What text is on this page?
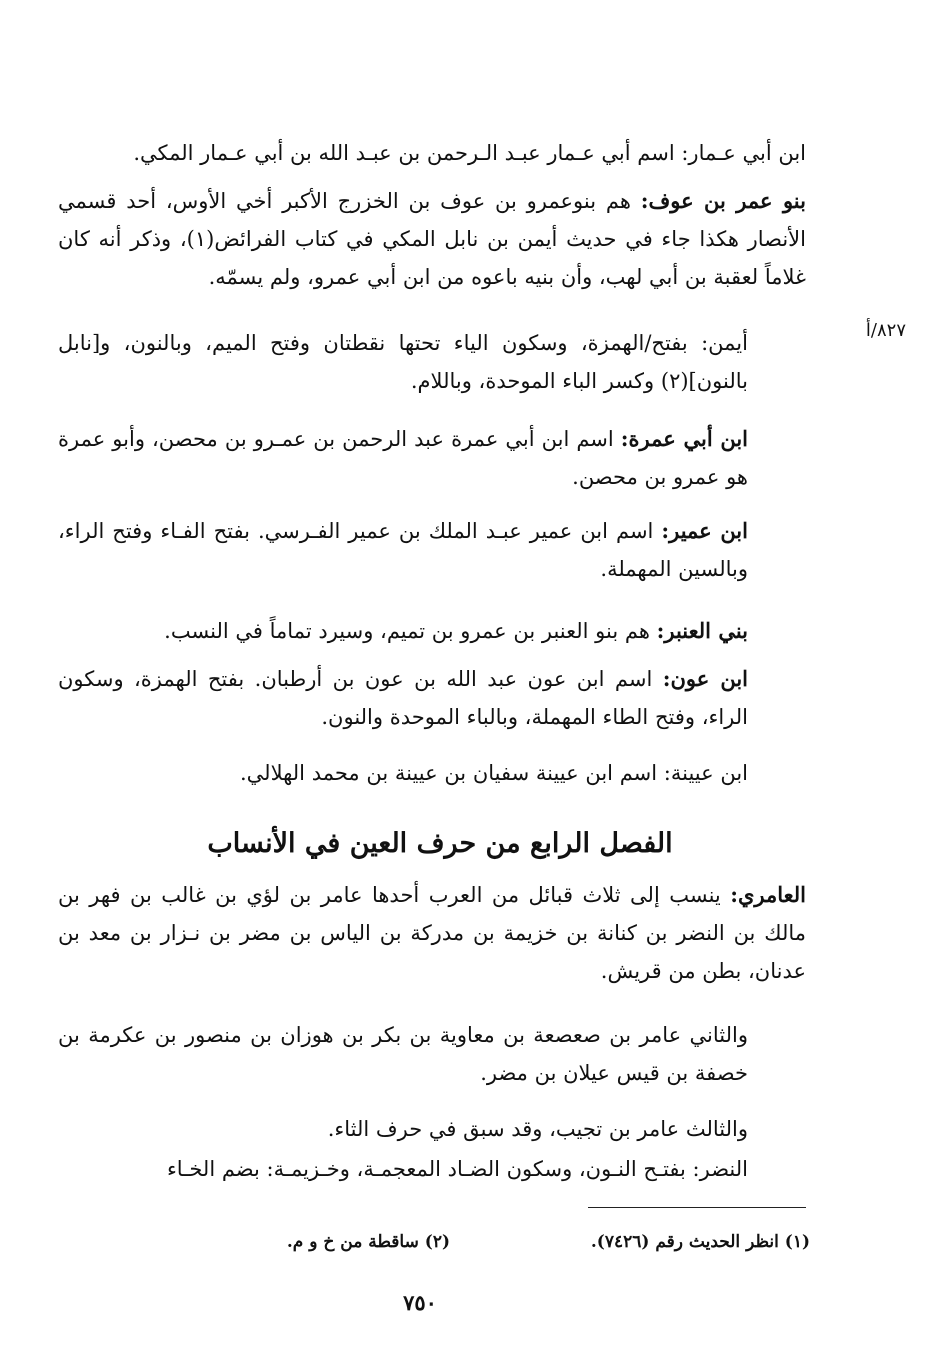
٨٢٧/أ

ابن أبي عـمار: اسم أبي عـمار عبـد الـرحمن بن عبـد الله بن أبي عـمار المكي.

بنو عمر بن عوف: هم بنوعمرو بن عوف بن الخزرج الأكبر أخي الأوس، أحد قسمي الأنصار هكذا جاء في حديث أيمن بن نابل المكي في كتاب الفرائض(١)، وذكر أنه كان غلاماً لعقبة بن أبي لهب، وأن بنيه باعوه من ابن أبي عمرو، ولم يسمّه.

أيمن: بفتح/الهمزة، وسكون الياء تحتها نقطتان وفتح الميم، وبالنون، و[نابل بالنون](٢) وكسر الباء الموحدة، وباللام.

ابن أبي عمرة: اسم ابن أبي عمرة عبد الرحمن بن عمـرو بن محصن، وأبو عمرة هو عمرو بن محصن.

ابن عمير: اسم ابن عمير عبـد الملك بن عمير الفـرسي. بفتح الفـاء وفتح الراء، وبالسين المهملة.

بني العنبر: هم بنو العنبر بن عمرو بن تميم، وسيرد تماماً في النسب.

ابن عون: اسم ابن عون عبد الله بن عون بن أرطبان. بفتح الهمزة، وسكون الراء، وفتح الطاء المهملة، وبالباء الموحدة والنون.

ابن عيينة: اسم ابن عيينة سفيان بن عيينة بن محمد الهلالي.

الفصل الرابع من حرف العين في الأنساب

العامري: ينسب إلى ثلاث قبائل من العرب أحدها عامر بن لؤي بن غالب بن فهر بن مالك بن النضر بن كنانة بن خزيمة بن مدركة بن الياس بن مضر بن نـزار بن معد بن عدنان، بطن من قريش.

والثاني عامر بن صعصعة بن معاوية بن بكر بن هوزان بن منصور بن عكرمة بن خصفة بن قيس عيلان بن مضر.

والثالث عامر بن تجيب، وقد سبق في حرف الثاء.

النضر: بفتـح النـون، وسكون الضـاد المعجمـة، وخـزيمـة: بضم الخـاء

(١) انظر الحديث رقم (٧٤٢٦).
(٢) ساقطة من خ و م.
٧٥٠
